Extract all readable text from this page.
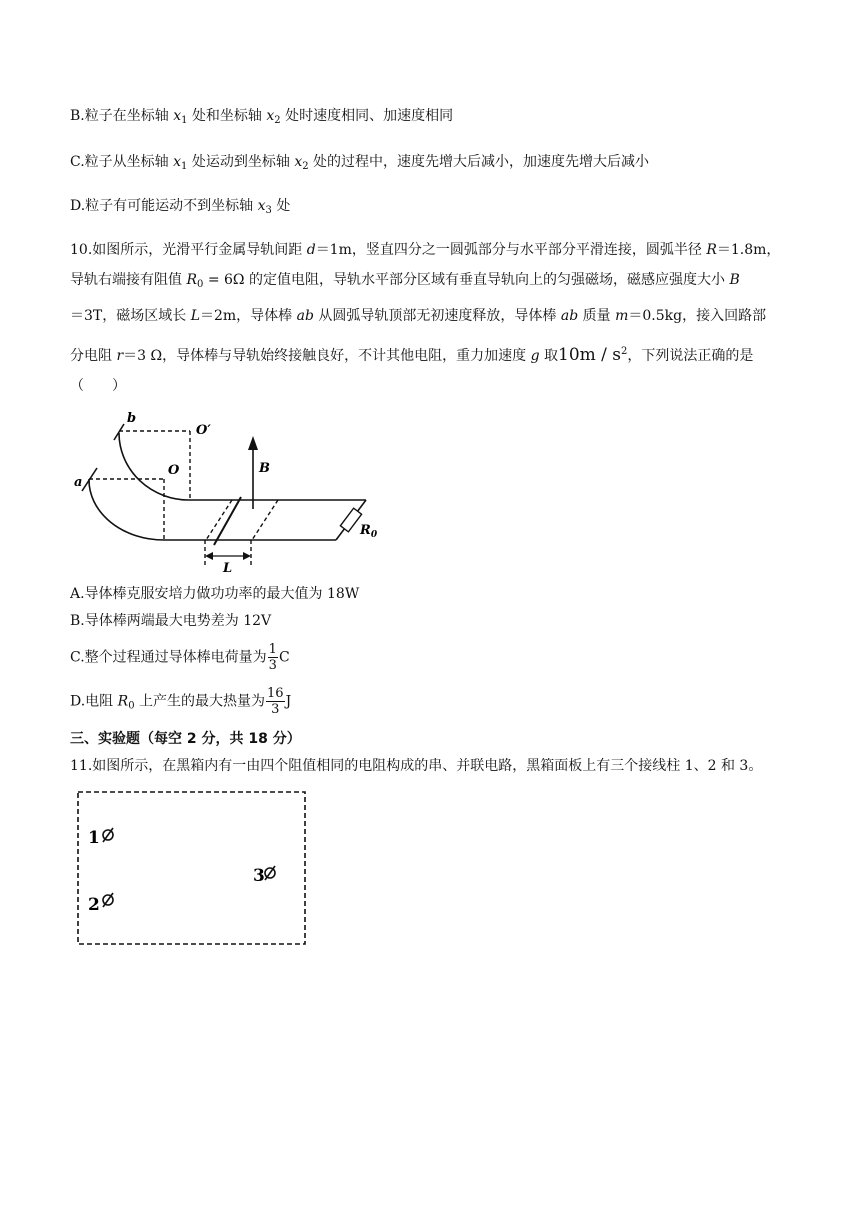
B.粒子在坐标轴 $x_1$ 处和坐标轴 $x_2$ 处时速度相同、加速度相同
C.粒子从坐标轴 $x_1$ 处运动到坐标轴 $x_2$ 处的过程中，速度先增大后减小，加速度先增大后减小
D.粒子有可能运动不到坐标轴 $x_3$ 处
10.如图所示，光滑平行金属导轨间距 d＝1m，竖直四分之一圆弧部分与水平部分平滑连接，圆弧半径 R＝1.8m，
导轨右端接有阻值 $R_0 = 6\Omega$ 的定值电阻，导轨水平部分区域有垂直导轨向上的匀强磁场，磁感应强度大小 B
＝3T，磁场区域长 L＝2m，导体棒 ab 从圆弧导轨顶部无初速度释放，导体棒 ab 质量 m＝0.5kg，接入回路部
分电阻 r＝3 Ω，导体棒与导轨始终接触良好，不计其他电阻，重力加速度 g 取$10m / s^2$，下列说法正确的是
（　　）
b
O′
a
O	B
$R_0$
L
A.导体棒克服安培力做功功率的最大值为 18W
B.导体棒两端最大电势差为 12V
C.整个过程通过导体棒电荷量为 $\frac{1}{3}$ C
D.电阻 $R_0$ 上产生的最大热量为 $\frac{16}{3}$ J
三、实验题（每空 2 分，共 18 分）
11.如图所示，在黑箱内有一由四个阻值相同的电阻构成的串、并联电路，黑箱面板上有三个接线柱 1、2 和 3。
1
2
3
